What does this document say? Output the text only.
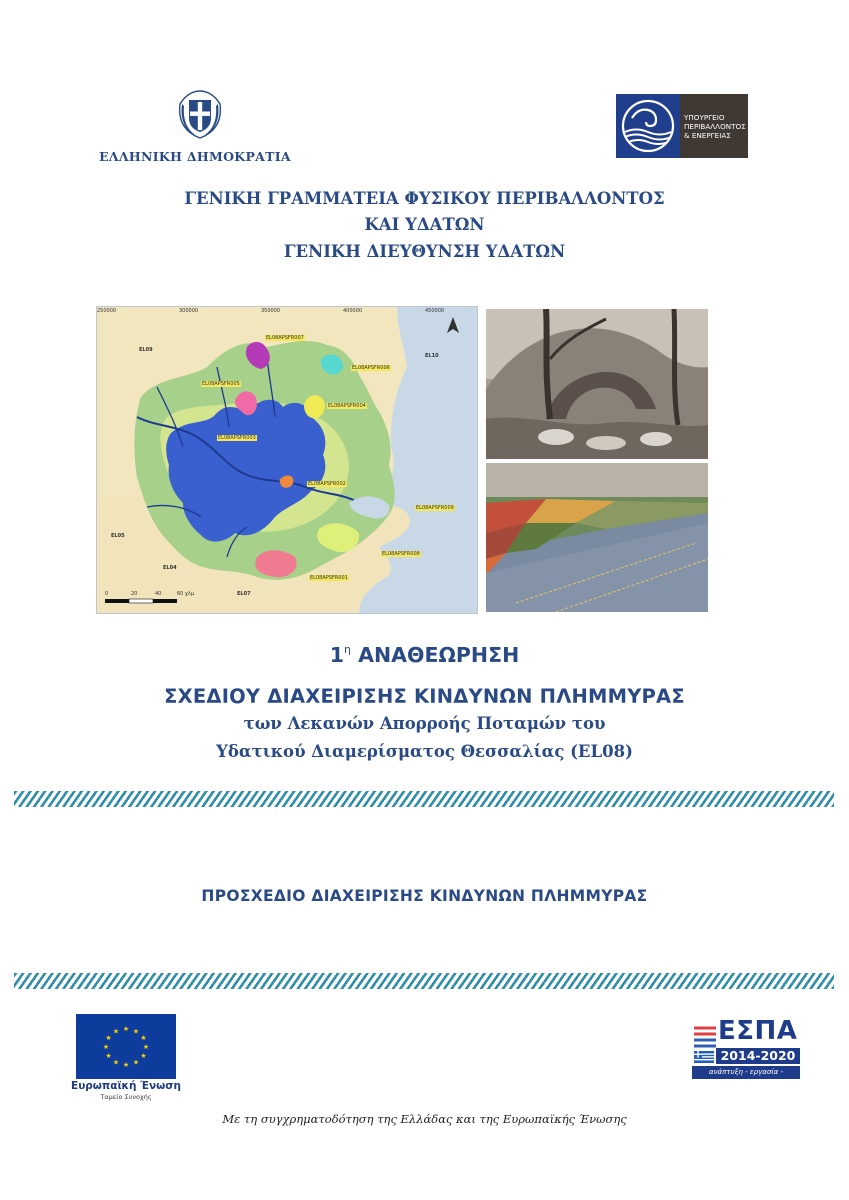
ΕΛΛΗΝΙΚΗ ΔΗΜΟΚΡΑΤΙΑ
ΥΠΟΥΡΓΕΙΟ
ΠΕΡΙΒΑΛΛΟΝΤΟΣ
& ΕΝΕΡΓΕΙΑΣ
ΓΕΝΙΚΗ ΓΡΑΜΜΑΤΕΙΑ ΦΥΣΙΚΟΥ ΠΕΡΙΒΑΛΛΟΝΤΟΣ
ΚΑΙ ΥΔΑΤΩΝ
ΓΕΝΙΚΗ ΔΙΕΥΘΥΝΣΗ ΥΔΑΤΩΝ
250000	300000	350000	400000	450000
EL09
EL10
EL05
EL04
EL07
EL08APSFR007
EL08APSFR006
EL08APSFR005
EL08APSFR004
EL08APSFR003
EL08APSFR002
EL08APSFR009
EL08APSFR008
EL08APSFR001
0	20	40	60 χλμ.
$1^\eta$ ΑΝΑΘΕΩΡΗΣΗ
ΣΧΕΔΙΟΥ ΔΙΑΧΕΙΡΙΣΗΣ ΚΙΝΔΥΝΩΝ ΠΛΗΜΜΥΡΑΣ
των Λεκανών Απορροής Ποταμών του
Υδατικού Διαμερίσματος Θεσσαλίας (EL08)
ΠΡΟΣΧΕΔΙΟ ΔΙΑΧΕΙΡΙΣΗΣ ΚΙΝΔΥΝΩΝ ΠΛΗΜΜΥΡΑΣ
★ ★
★
★
★
★
★
★
★
★
★
★
Ευρωπαϊκή Ένωση
Ταμείο Συνοχής
ΕΣΠΑ
2014-2020
ανάπτυξη - εργασία - αλληλεγγύη
Με τη συγχρηματοδότηση της Ελλάδας και της Ευρωπαϊκής Ένωσης
